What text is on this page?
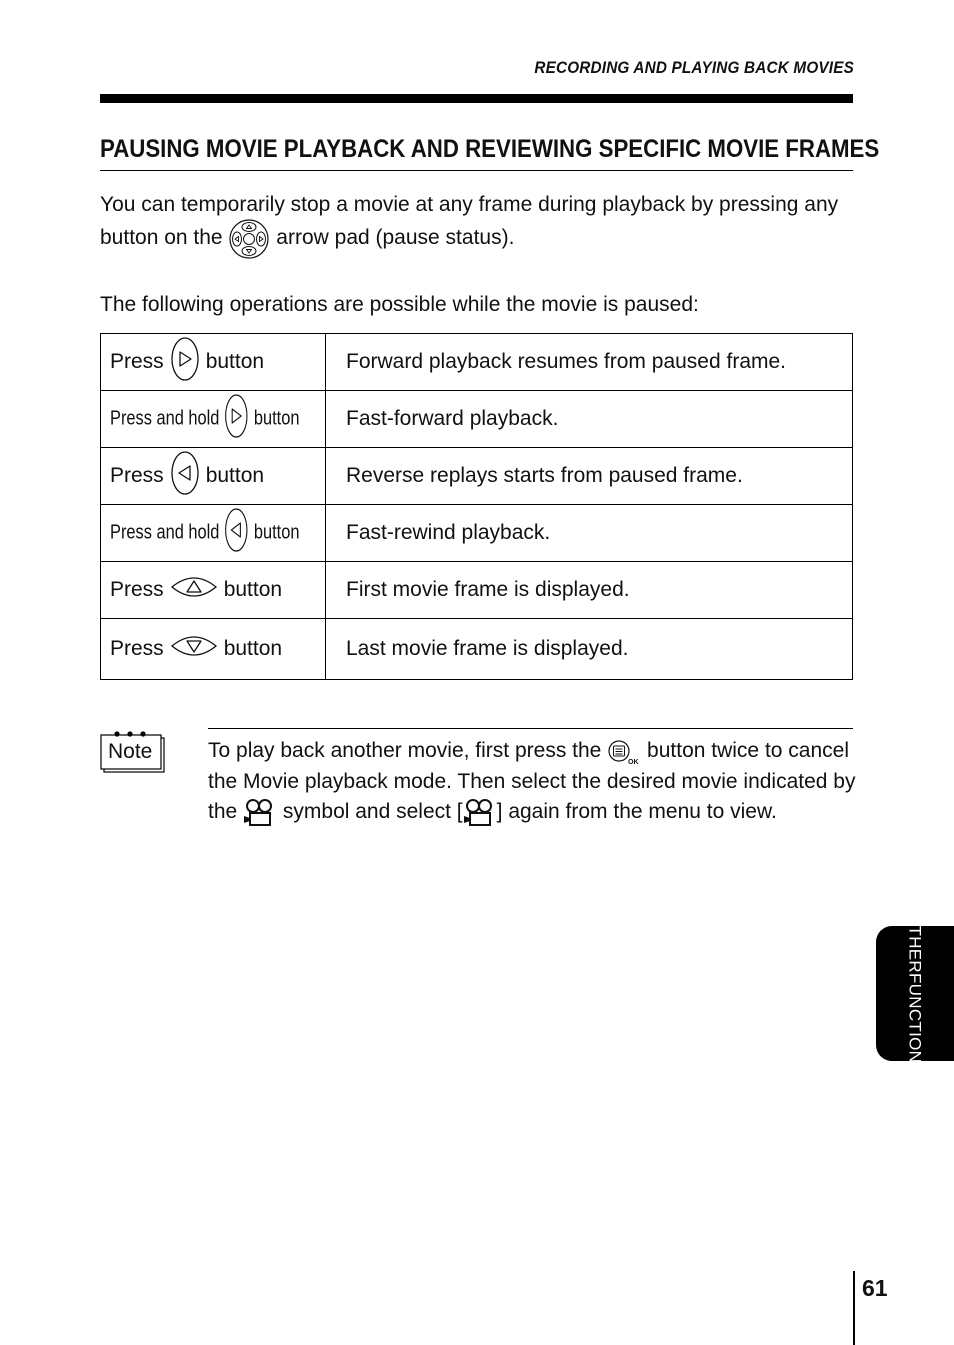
RECORDING AND PLAYING BACK MOVIES
PAUSING MOVIE PLAYBACK AND REVIEWING SPECIFIC MOVIE FRAMES
You can temporarily stop a movie at any frame during playback by pressing any button on the	arrow pad (pause status).
The following operations are possible while the movie is paused:
Press button	Forward playback resumes from paused frame.
Press and hold button	Fast-forward playback.
Press button	Reverse replays starts from paused frame.
Press and hold button	Fast-rewind playback.
Press button	First movie frame is displayed.
Press button	Last movie frame is displayed.
Note	To play back another movie, first press the
OK
button twice to cancel the Movie playback mode. Then select the desired movie indicated by the symbol and select [ ] again from the menu to view.
OTHER
FUNCTIONS
61
